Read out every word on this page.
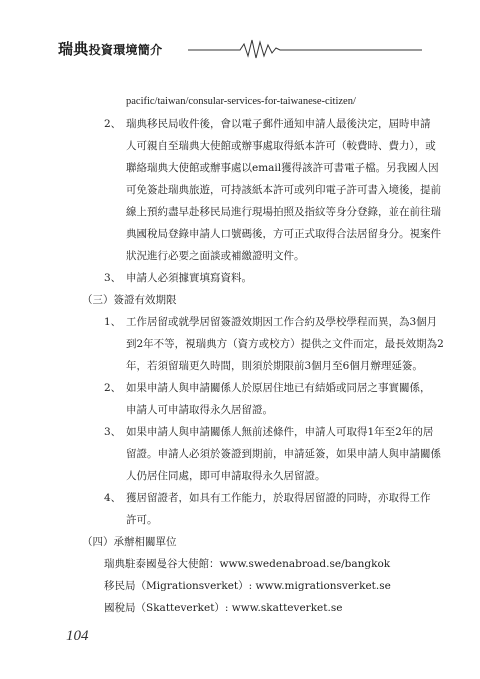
瑞典投資環境簡介
pacific/taiwan/consular-services-for-taiwanese-citizen/
2、 瑞典移民局收件後，會以電子郵件通知申請人最後決定，屆時申請
人可親自至瑞典大使館或辦事處取得紙本許可（較費時、費力），或
聯絡瑞典大使館或辦事處以email獲得該許可書電子檔。另我國人因
可免簽赴瑞典旅遊，可持該紙本許可或列印電子許可書入境後，提前
線上預約盡早赴移民局進行現場拍照及指紋等身分登錄，並在前往瑞
典國稅局登錄申請人口號碼後，方可正式取得合法居留身分。視案件
狀況進行必要之面談或補繳證明文件。
3、 申請人必須據實填寫資料。
（三）簽證有效期限
1、 工作居留或就學居留簽證效期因工作合約及學校學程而異，為3個月
到2年不等，視瑞典方（資方或校方）提供之文件而定，最長效期為2
年，若須留瑞更久時間，則須於期限前3個月至6個月辦理延簽。
2、 如果申請人與申請關係人於原居住地已有結婚或同居之事實關係，
申請人可申請取得永久居留證。
3、 如果申請人與申請關係人無前述條件，申請人可取得1年至2年的居
留證。申請人必須於簽證到期前，申請延簽，如果申請人與申請關係
人仍居住同處，即可申請取得永久居留證。
4、 獲居留證者，如具有工作能力，於取得居留證的同時，亦取得工作
許可。
（四）承辦相關單位
瑞典駐泰國曼谷大使館：www.swedenabroad.se/bangkok
移民局（Migrationsverket）: www.migrationsverket.se
國稅局（Skatteverket）: www.skatteverket.se
104
